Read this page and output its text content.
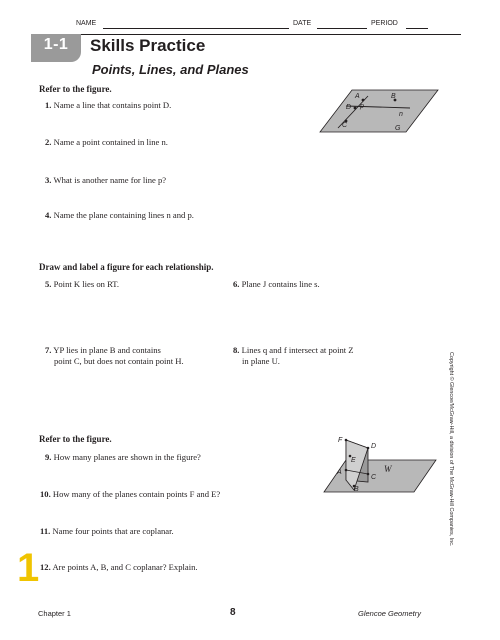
NAME	DATE	PERIOD
1-1	Skills Practice
Points, Lines, and Planes
Refer to the figure.
1. Name a line that contains point D.
2. Name a point contained in line n.
3. What is another name for line p?
4. Name the plane containing lines n and p.
A	B
C
D p
n
G
Draw and label a figure for each relationship.
5. Point K lies on RT.	6. Plane J contains line s.
7. YP lies in plane B and contains
point C, but does not contain point H.
8. Lines q and f intersect at point Z
in plane U.
Refer to the figure.
9. How many planes are shown in the figure?
10. How many of the planes contain points F and E?
11. Name four points that are coplanar.
12. Are points A, B, and C coplanar? Explain.
F
D
E
A	W
C
B	Copyright © Glencoe/McGraw-Hill, a division of The McGraw-Hill Companies, Inc.
1
Chapter 1	8	Glencoe Geometry
